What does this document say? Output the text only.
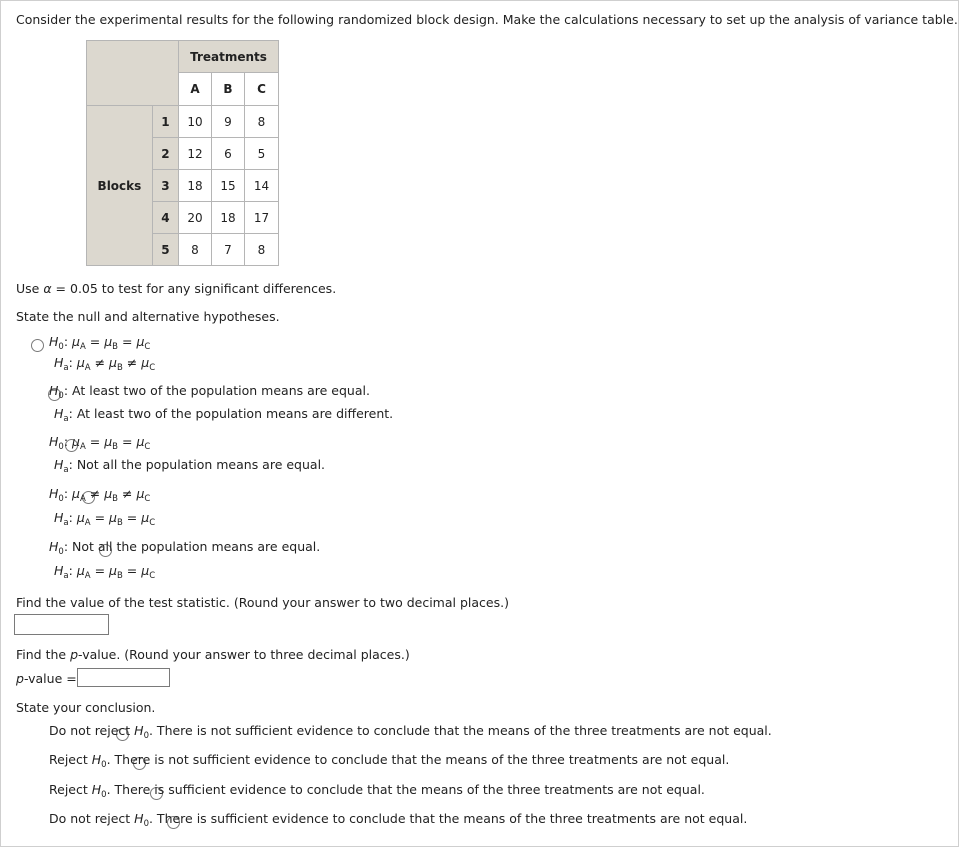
Consider the experimental results for the following randomized block design. Make the calculations necessary to set up the analysis of variance table.
		Treatments		
		A	B	C
Blocks	1	10	9	8
	2	12	6	5
	3	18	15	14
	4	20	18	17
	5	8	7	8
Use α = 0.05 to test for any significant differences.
State the null and alternative hypotheses.

$H_0$: $\mu_A = \mu_B = \mu_C$
$H_a$: $\mu_A \ne \mu_B \ne \mu_C$

$H_0$: At least two of the population means are equal.
$H_a$: At least two of the population means are different.

$H_0$: $\mu_A = \mu_B = \mu_C$
$H_a$: Not all the population means are equal.

$H_0$: $\mu_A \ne \mu_B \ne \mu_C$
$H_a$: $\mu_A = \mu_B = \mu_C$

$H_0$: Not all the population means are equal.
$H_a$: $\mu_A = \mu_B = \mu_C$
Find the value of the test statistic. (Round your answer to two decimal places.)
Find the p-value. (Round your answer to three decimal places.)
p-value =
State your conclusion.

Do not reject $H_0$. There is not sufficient evidence to conclude that the means of the three treatments are not equal.

Reject $H_0$. There is not sufficient evidence to conclude that the means of the three treatments are not equal.

Reject $H_0$. There is sufficient evidence to conclude that the means of the three treatments are not equal.
Do not reject $H_0$. There is sufficient evidence to conclude that the means of the three treatments are not equal.
